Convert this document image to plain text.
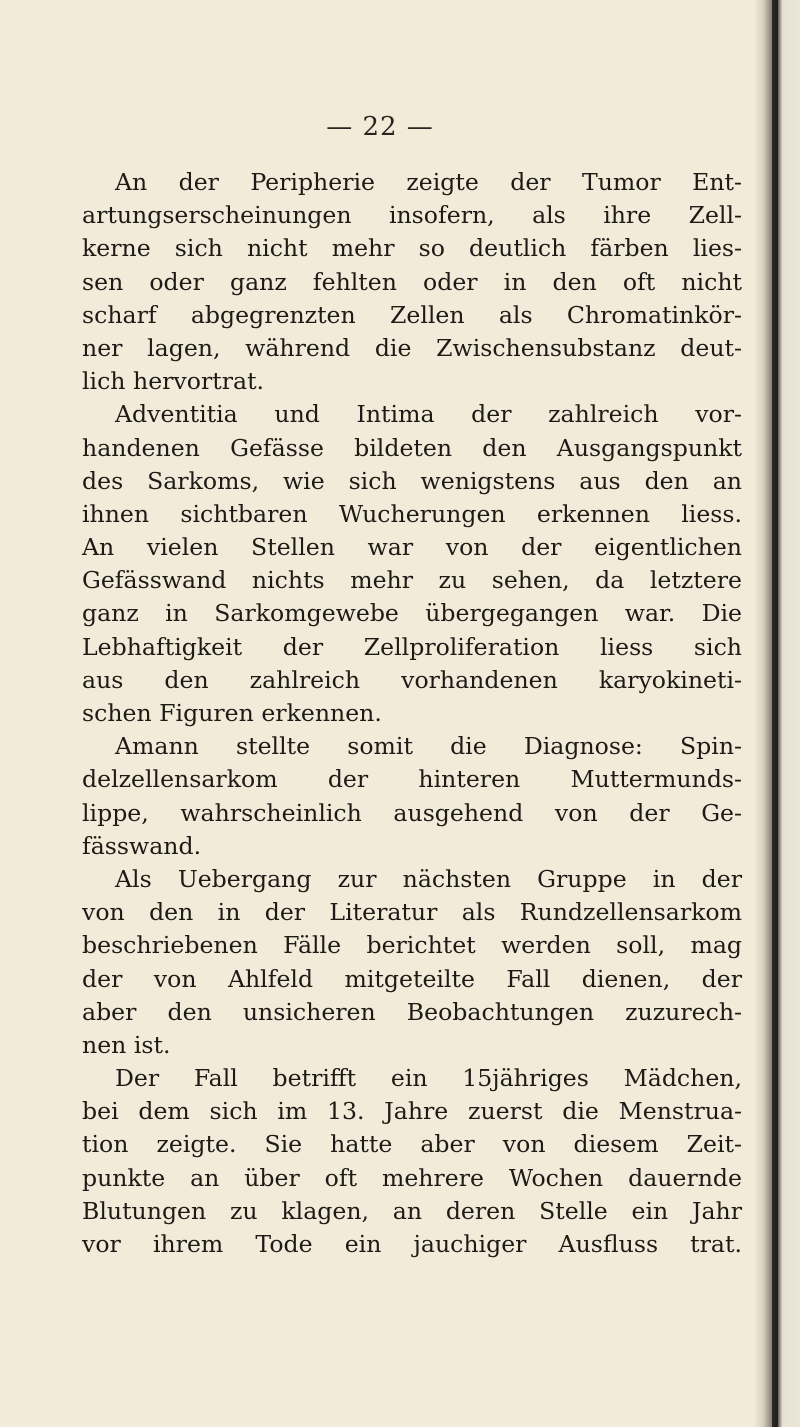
— 22 —
An der Peripherie zeigte der Tumor Ent-
artungserscheinungen insofern, als ihre Zell-
kerne sich nicht mehr so deutlich färben lies-
sen oder ganz fehlten oder in den oft nicht
scharf abgegrenzten Zellen als Chromatinkör-
ner lagen, während die Zwischensubstanz deut-
lich hervortrat.
Adventitia und Intima der zahlreich vor-
handenen Gefässe bildeten den Ausgangspunkt
des Sarkoms, wie sich wenigstens aus den an
ihnen sichtbaren Wucherungen erkennen liess.
An vielen Stellen war von der eigentlichen
Gefässwand nichts mehr zu sehen, da letztere
ganz in Sarkomgewebe übergegangen war. Die
Lebhaftigkeit der Zellproliferation liess sich
aus den zahlreich vorhandenen karyokineti-
schen Figuren erkennen.
Amann stellte somit die Diagnose: Spin-
delzellensarkom der hinteren Muttermunds-
lippe, wahrscheinlich ausgehend von der Ge-
fässwand.
Als Uebergang zur nächsten Gruppe in der
von den in der Literatur als Rundzellensarkom
beschriebenen Fälle berichtet werden soll, mag
der von Ahlfeld mitgeteilte Fall dienen, der
aber den unsicheren Beobachtungen zuzurech-
nen ist.
Der Fall betrifft ein 15jähriges Mädchen,
bei dem sich im 13. Jahre zuerst die Menstrua-
tion zeigte. Sie hatte aber von diesem Zeit-
punkte an über oft mehrere Wochen dauernde
Blutungen zu klagen, an deren Stelle ein Jahr
vor ihrem Tode ein jauchiger Ausfluss trat.
